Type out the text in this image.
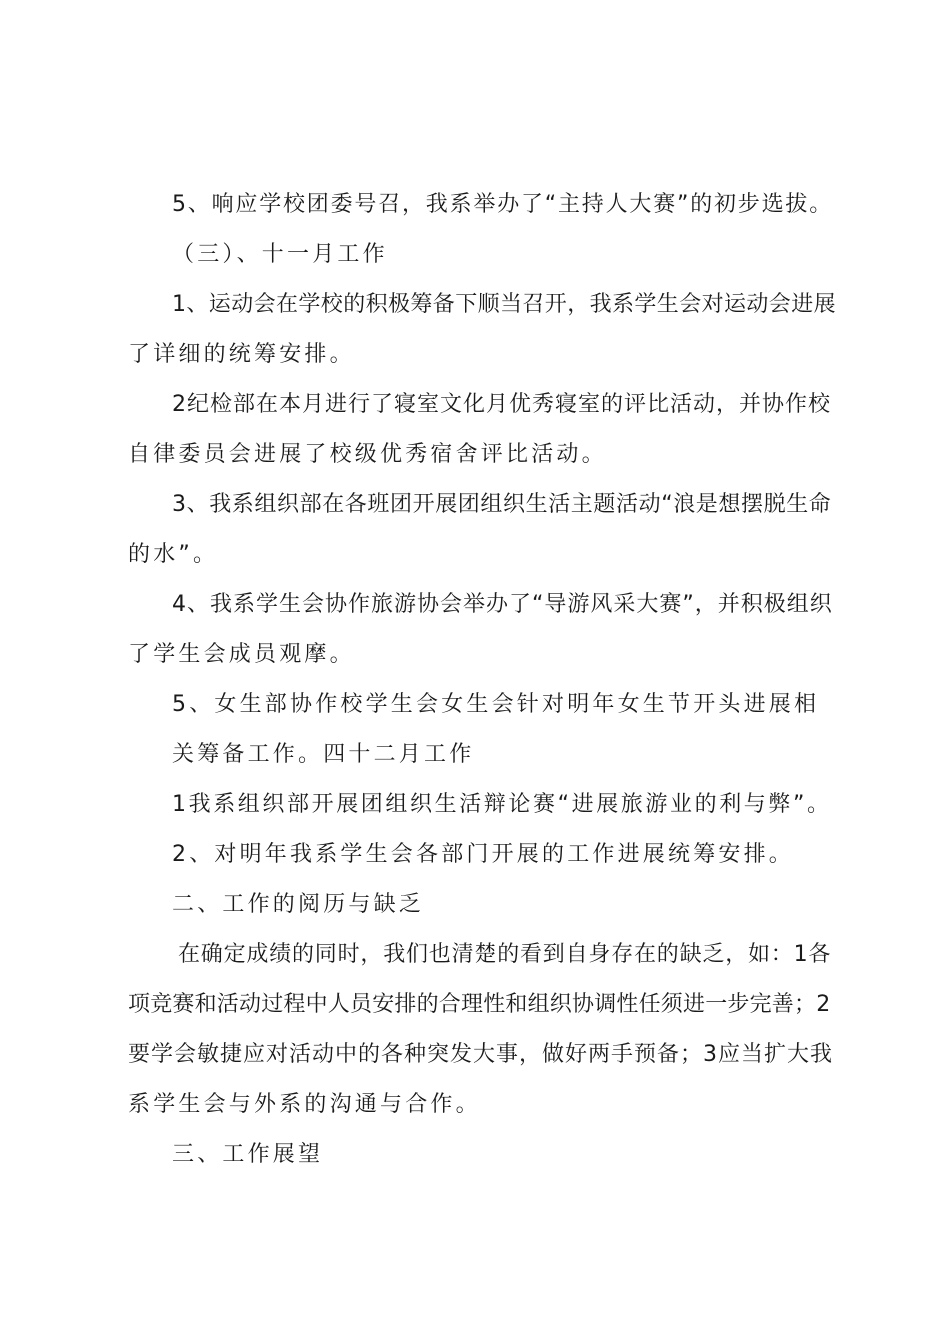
5、响应学校团委号召，我系举办了“主持人大赛”的初步选拔。
（三）、十一月工作
1、运动会在学校的积极筹备下顺当召开，我系学生会对运动会进展
了详细的统筹安排。
2纪检部在本月进行了寝室文化月优秀寝室的评比活动，并协作校
自律委员会进展了校级优秀宿舍评比活动。
3、我系组织部在各班团开展团组织生活主题活动“浪是想摆脱生命
的水”。
4、我系学生会协作旅游协会举办了“导游风采大赛”，并积极组织
了学生会成员观摩。
5、女生部协作校学生会女生会针对明年女生节开头进展相
关筹备工作。四十二月工作
1我系组织部开展团组织生活辩论赛“进展旅游业的利与弊”。
2、对明年我系学生会各部门开展的工作进展统筹安排。
二、工作的阅历与缺乏
在确定成绩的同时，我们也清楚的看到自身存在的缺乏，如：1各
项竞赛和活动过程中人员安排的合理性和组织协调性任须进一步完善；2
要学会敏捷应对活动中的各种突发大事，做好两手预备；3应当扩大我
系学生会与外系的沟通与合作。
三、工作展望
